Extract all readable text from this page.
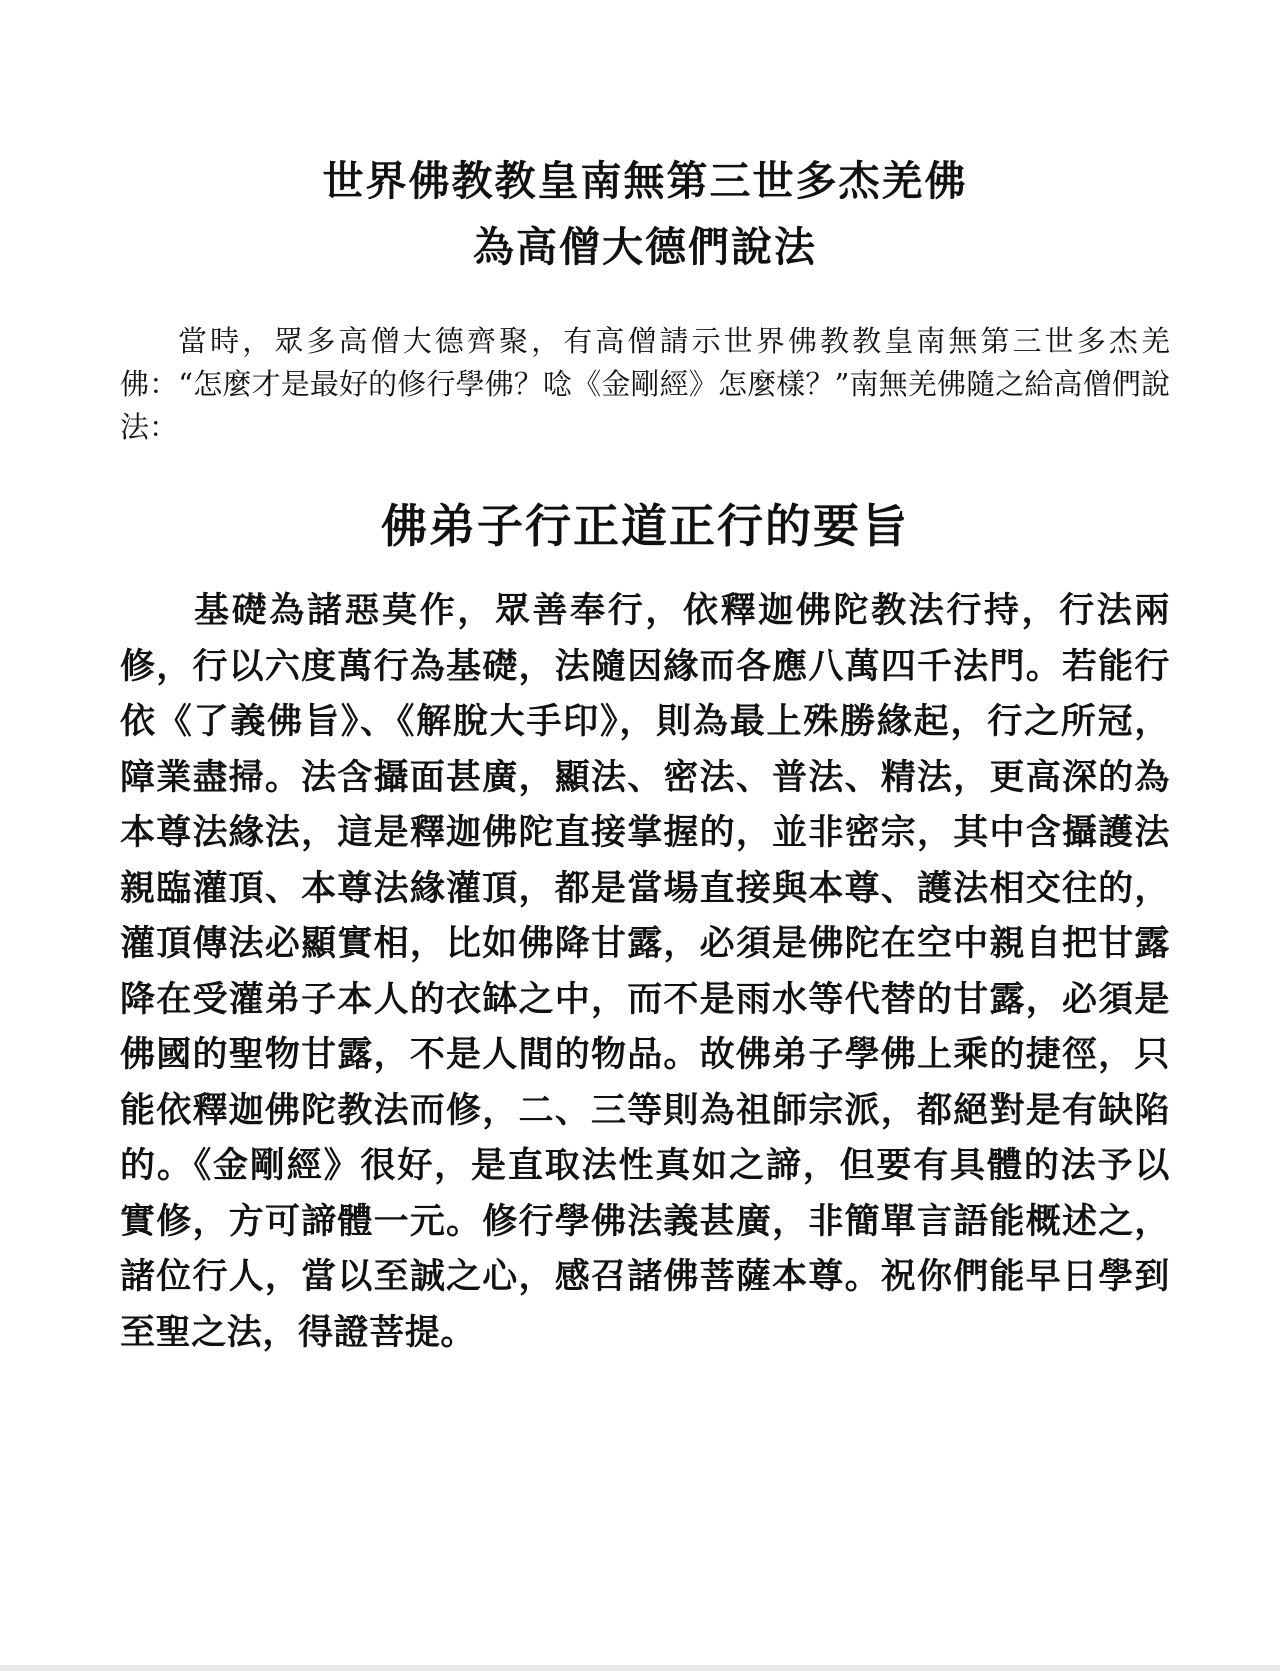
世界佛教教皇南無第三世多杰羌佛
為高僧大德們說法

當時，眾多高僧大德齊聚，有高僧請示世界佛教教皇南無第三世多杰羌佛：“怎麼才是最好的修行學佛？唸《金剛經》怎麼樣？”南無羌佛隨之給高僧們說法：

佛弟子行正道正行的要旨

基礎為諸惡莫作，眾善奉行，依釋迦佛陀教法行持，行法兩修，行以六度萬行為基礎，法隨因緣而各應八萬四千法門。若能行依《了義佛旨》、《解脫大手印》，則為最上殊勝緣起，行之所冠，障業盡掃。法含攝面甚廣，顯法、密法、普法、精法，更高深的為本尊法緣法，這是釋迦佛陀直接掌握的，並非密宗，其中含攝護法親臨灌頂、本尊法緣灌頂，都是當場直接與本尊、護法相交往的，灌頂傳法必顯實相，比如佛降甘露，必須是佛陀在空中親自把甘露降在受灌弟子本人的衣缽之中，而不是雨水等代替的甘露，必須是佛國的聖物甘露，不是人間的物品。故佛弟子學佛上乘的捷徑，只能依釋迦佛陀教法而修，二、三等則為祖師宗派，都絕對是有缺陷的。《金剛經》很好，是直取法性真如之諦，但要有具體的法予以實修，方可諦體一元。修行學佛法義甚廣，非簡單言語能概述之，諸位行人，當以至誠之心，感召諸佛菩薩本尊。祝你們能早日學到至聖之法，得證菩提。
